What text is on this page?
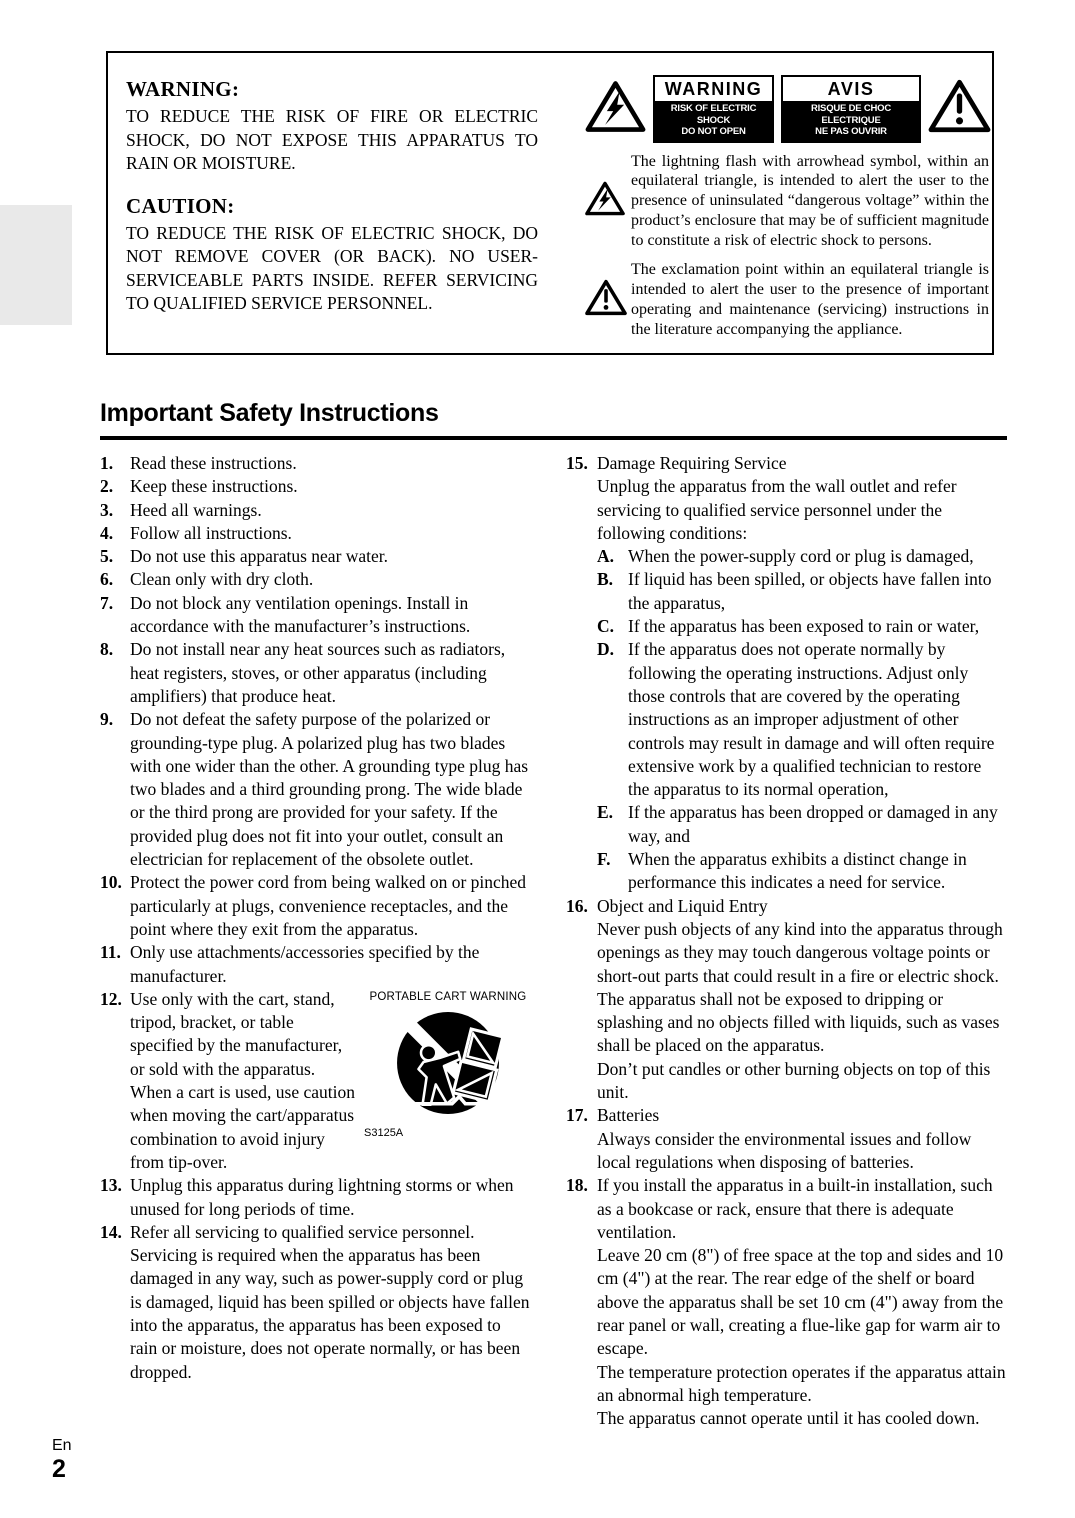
WARNING:

TO REDUCE THE RISK OF FIRE OR ELECTRIC SHOCK, DO NOT EXPOSE THIS APPARATUS TO RAIN OR MOISTURE.

CAUTION:

TO REDUCE THE RISK OF ELECTRIC SHOCK, DO NOT REMOVE COVER (OR BACK). NO USER-SERVICEABLE PARTS INSIDE. REFER SERVICING TO QUALIFIED SERVICE PERSONNEL.

WARNING
RISK OF ELECTRIC SHOCK
DO NOT OPEN
AVIS
RISQUE DE CHOC ELECTRIQUE
NE PAS OUVRIR

The lightning flash with arrowhead symbol, within an equilateral triangle, is intended to alert the user to the presence of uninsulated “dangerous voltage” within the product’s enclosure that may be of sufficient magnitude to constitute a risk of electric shock to persons.

The exclamation point within an equilateral triangle is intended to alert the user to the presence of important operating and maintenance (servicing) instructions in the literature accompanying the appliance.

Important Safety Instructions
1. Read these instructions.
2. Keep these instructions.
3. Heed all warnings.
4. Follow all instructions.
5. Do not use this apparatus near water.
6. Clean only with dry cloth.
7. Do not block any ventilation openings. Install in accordance with the manufacturer’s instructions.
8. Do not install near any heat sources such as radiators, heat registers, stoves, or other apparatus (including amplifiers) that produce heat.
9. Do not defeat the safety purpose of the polarized or grounding-type plug. A polarized plug has two blades with one wider than the other. A grounding type plug has two blades and a third grounding prong. The wide blade or the third prong are provided for your safety. If the provided plug does not fit into your outlet, consult an electrician for replacement of the obsolete outlet.
10. Protect the power cord from being walked on or pinched particularly at plugs, convenience receptacles, and the point where they exit from the apparatus.
11. Only use attachments/accessories specified by the manufacturer.
12.	PORTABLE CART WARNING
S3125A
Use only with the cart, stand, tripod, bracket, or table specified by the manufacturer, or sold with the apparatus. When a cart is used, use caution when moving the cart/apparatus combination to avoid injury from tip-over.
13. Unplug this apparatus during lightning storms or when unused for long periods of time.
14. Refer all servicing to qualified service personnel. Servicing is required when the apparatus has been damaged in any way, such as power-supply cord or plug is damaged, liquid has been spilled or objects have fallen into the apparatus, the apparatus has been exposed to rain or moisture, does not operate normally, or has been dropped.
15. Damage Requiring Service
Unplug the apparatus from the wall outlet and refer servicing to qualified service personnel under the following conditions:
A. When the power-supply cord or plug is damaged,
B. If liquid has been spilled, or objects have fallen into the apparatus,
C. If the apparatus has been exposed to rain or water,
D. If the apparatus does not operate normally by following the operating instructions. Adjust only those controls that are covered by the operating instructions as an improper adjustment of other controls may result in damage and will often require extensive work by a qualified technician to restore the apparatus to its normal operation,
E. If the apparatus has been dropped or damaged in any way, and
F. When the apparatus exhibits a distinct change in performance this indicates a need for service.
16. Object and Liquid Entry
Never push objects of any kind into the apparatus through openings as they may touch dangerous voltage points or short-out parts that could result in a fire or electric shock.
The apparatus shall not be exposed to dripping or splashing and no objects filled with liquids, such as vases shall be placed on the apparatus.
Don’t put candles or other burning objects on top of this unit.
17. Batteries
Always consider the environmental issues and follow local regulations when disposing of batteries.
18. If you install the apparatus in a built-in installation, such as a bookcase or rack, ensure that there is adequate ventilation.
Leave 20 cm (8") of free space at the top and sides and 10 cm (4") at the rear. The rear edge of the shelf or board above the apparatus shall be set 10 cm (4") away from the rear panel or wall, creating a flue-like gap for warm air to escape.
The temperature protection operates if the apparatus attain an abnormal high temperature.
The apparatus cannot operate until it has cooled down.
En
2
